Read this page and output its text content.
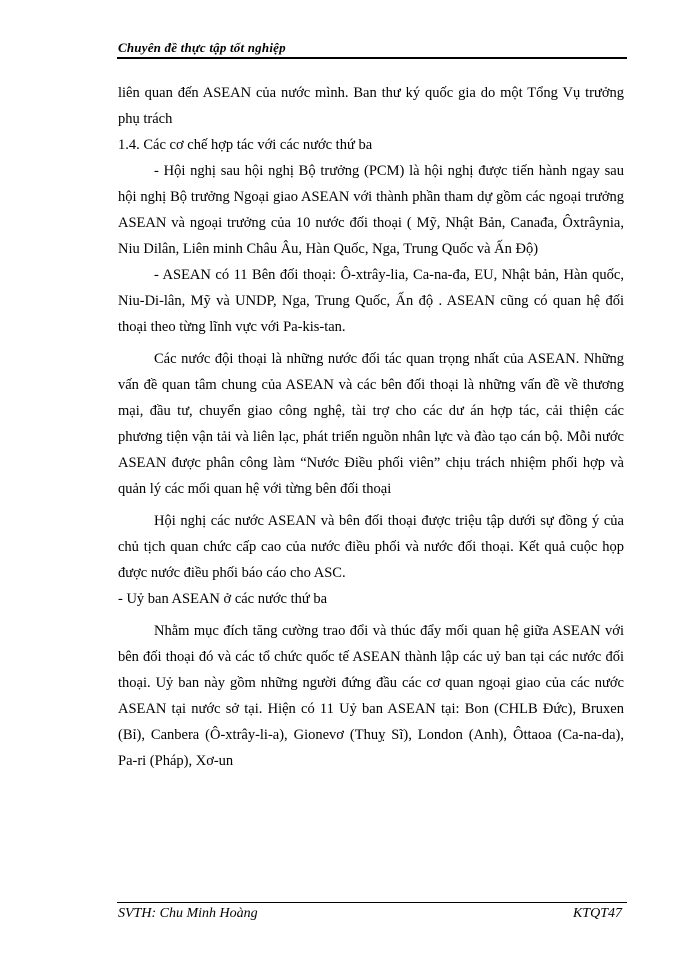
Chuyên đề thực tập tốt nghiệp

liên quan đến ASEAN của nước mình. Ban thư ký quốc gia do một Tổng Vụ trưởng phụ trách

1.4. Các cơ chế hợp tác với các nước thứ ba

- Hội nghị sau hội nghị Bộ trưởng (PCM) là hội nghị được tiến hành ngay sau hội nghị Bộ trưởng Ngoại giao ASEAN với thành phần tham dự gồm các ngoại trưởng ASEAN và ngoại trưởng của 10 nước đối thoại ( Mỹ, Nhật Bản, Canađa, Ôxtrâynia, Niu Dilân, Liên minh Châu Âu, Hàn Quốc, Nga, Trung Quốc và Ấn Độ)

- ASEAN có 11 Bên đối thoại: Ô-xtrây-lia, Ca-na-đa, EU, Nhật bản, Hàn quốc, Niu-Di-lân, Mỹ và UNDP, Nga, Trung Quốc, Ấn độ . ASEAN cũng có quan hệ đối thoại theo từng lĩnh vực với Pa-kis-tan.

Các nước đội thoại là những nước đối tác quan trọng nhất của ASEAN. Những vấn đề quan tâm chung của ASEAN và các bên đối thoại là những vấn đề về thương mại, đầu tư, chuyển giao công nghệ, tài trợ cho các dư án hợp tác, cải thiện các phương tiện vận tải và liên lạc, phát triển nguồn nhân lực và đào tạo cán bộ. Mỗi nước ASEAN được phân công làm “Nước Điều phối viên” chịu trách nhiệm phối hợp và quản lý các mối quan hệ với từng bên đối thoại

Hội nghị các nước ASEAN và bên đối thoại được triệu tập dưới sự đồng ý của chủ tịch quan chức cấp cao của nước điều phối và nước đối thoại. Kết quả cuộc họp được nước điều phối báo cáo cho ASC.

- Uỷ ban ASEAN ở các nước thứ ba

Nhằm mục đích tăng cường trao đổi và thúc đẩy mối quan hệ giữa ASEAN với bên đối thoại đó và các tổ chức quốc tế ASEAN thành lập các uỷ ban tại các nước đối thoại. Uỷ ban này gồm những người đứng đầu các cơ quan ngoại giao của các nước ASEAN tại nước sở tại. Hiện có 11 Uỷ ban ASEAN tại: Bon (CHLB Đức), Bruxen (Bỉ), Canbera (Ô-xtrây-li-a), Gionevơ (Thuỵ Sĩ), London (Anh), Ôttaoa (Ca-na-da), Pa-ri (Pháp), Xơ-un

SVTH: Chu Minh Hoàng	KTQT47
